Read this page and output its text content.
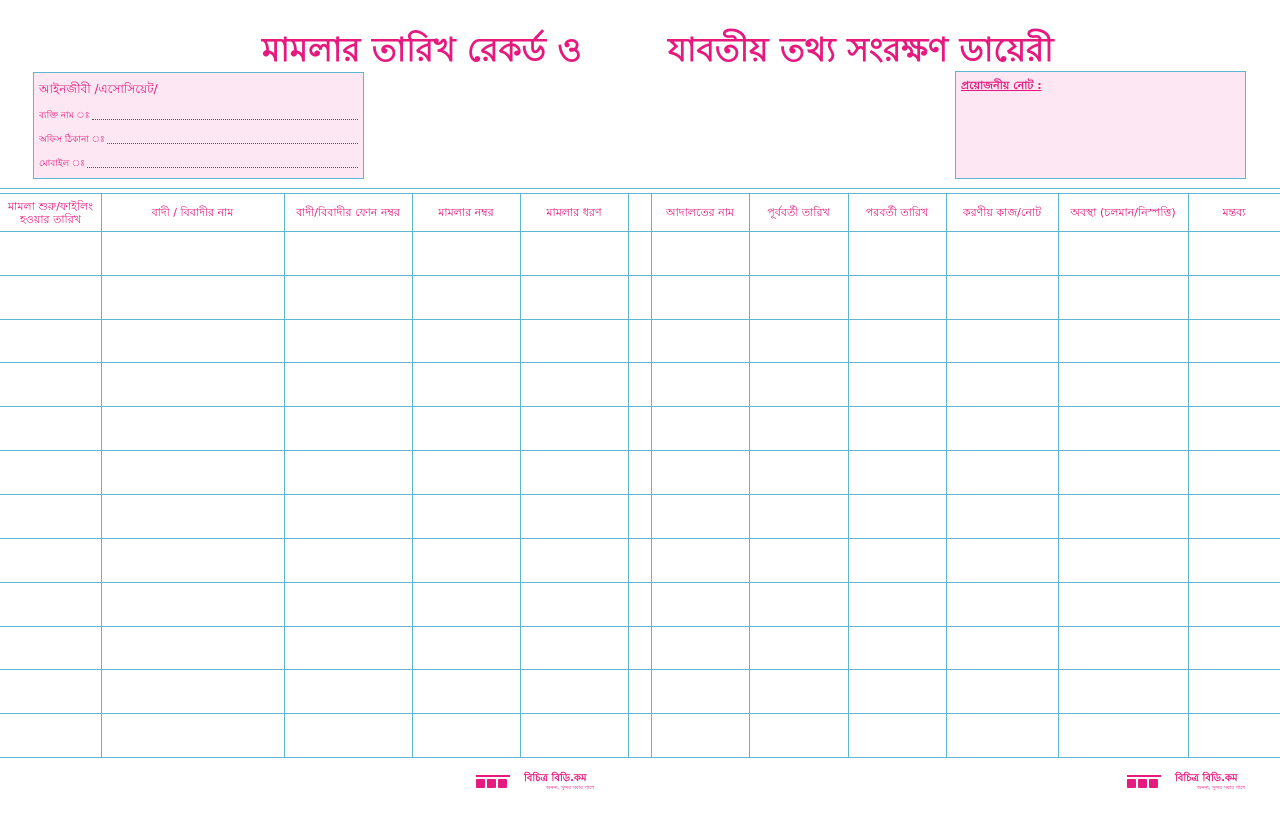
মামলার তারিখ রেকর্ড ও	যাবতীয় তথ্য সংরক্ষণ ডায়েরী
আইনজীবী /এসোসিয়েট/
ব্যক্তি নাম ঃ
অফিস ঠিকানা ঃ
মোবাইল ঃ
প্রয়োজনীয় নোট :
মামলা শুরু/ফাইলিং হওয়ার তারিখ	বাদী / বিবাদীর নাম	বাদী/বিবাদীর ফোন নম্বর	মামলার নম্বর	মামলার ধরণ	আদালতের নাম	পূর্ববর্তী তারিখ	পরবর্তী তারিখ	করণীয় কাজ/নোট	অবস্থা (চলমান/নিস্পত্তি)	মন্তব্য
বিচিত্র বিডি.কম
অনন্য, সুন্দর সবার পাশে
বিচিত্র বিডি.কম
অনন্য, সুন্দর সবার পাশে
